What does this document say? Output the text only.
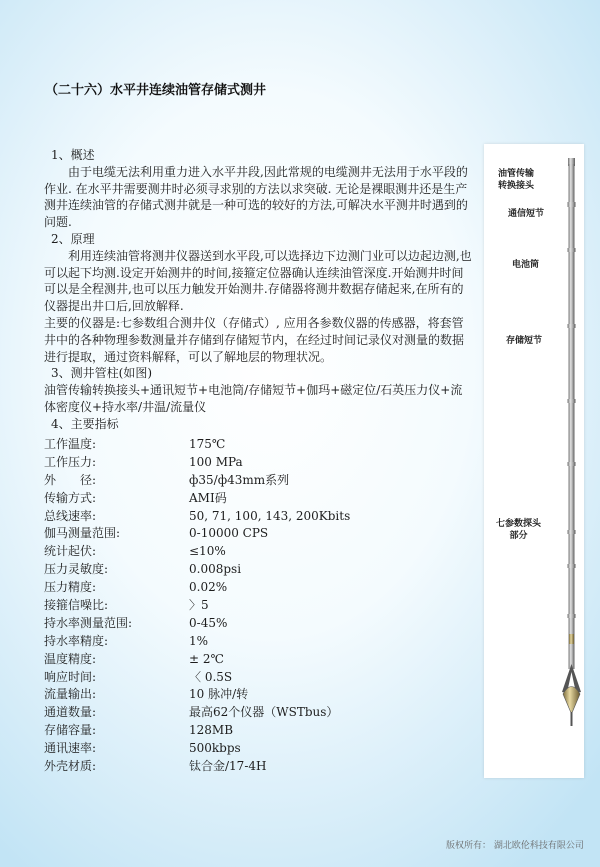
（二十六）水平井连续油管存储式测井

1、概述

由于电缆无法利用重力进入水平井段,因此常规的电缆测井无法用于水平段的作业. 在水平井需要测井时必须寻求别的方法以求突破. 无论是裸眼测井还是生产测井连续油管的存储式测井就是一种可选的较好的方法,可解决水平测井时遇到的问题.

2、原理

利用连续油管将测井仪器送到水平段,可以选择边下边测门业可以边起边测,也可以起下均测.设定开始测井的时间,接箍定位器确认连续油管深度.开始测井时间可以是全程测井,也可以压力触发开始测井.存储器将测井数据存储起来,在所有的仪器提出井口后,回放解释.

主要的仪器是:七参数组合测井仪（存储式）, 应用各参数仪器的传感器，将套管井中的各种物理参数测量并存储到存储短节内，在经过时间记录仪对测量的数据进行提取，通过资料解释，可以了解地层的物理状况。

3、测井管柱(如图)

油管传输转换接头+通讯短节+电池筒/存储短节+伽玛+磁定位/石英压力仪+流体密度仪+持水率/井温/流量仪

4、主要指标

工作温度:	175℃
工作压力:	100 MPa
外　　径:	ф35/ф43mm系列
传输方式:	AMI码
总线速率:	50, 71, 100, 143, 200Kbits
伽马测量范围:	0-10000 CPS
统计起伏:	≤10%
压力灵敏度:	0.008psi
压力精度:	0.02%
接箍信噪比:	〉5
持水率测量范围:	0-45%
持水率精度:	1%
温度精度:	± 2℃
响应时间:	〈 0.5S
流量输出:	10 脉冲/转
通道数量:	最高62个仪器（WSTbus）
存储容量:	128MB
通讯速率:	500kbps
外壳材质:	钛合金/17-4H
油管传输
转换接头
通信短节
电池筒
存储短节
七参数探头
部分
版权所有： 湖北欧伦科技有限公司
